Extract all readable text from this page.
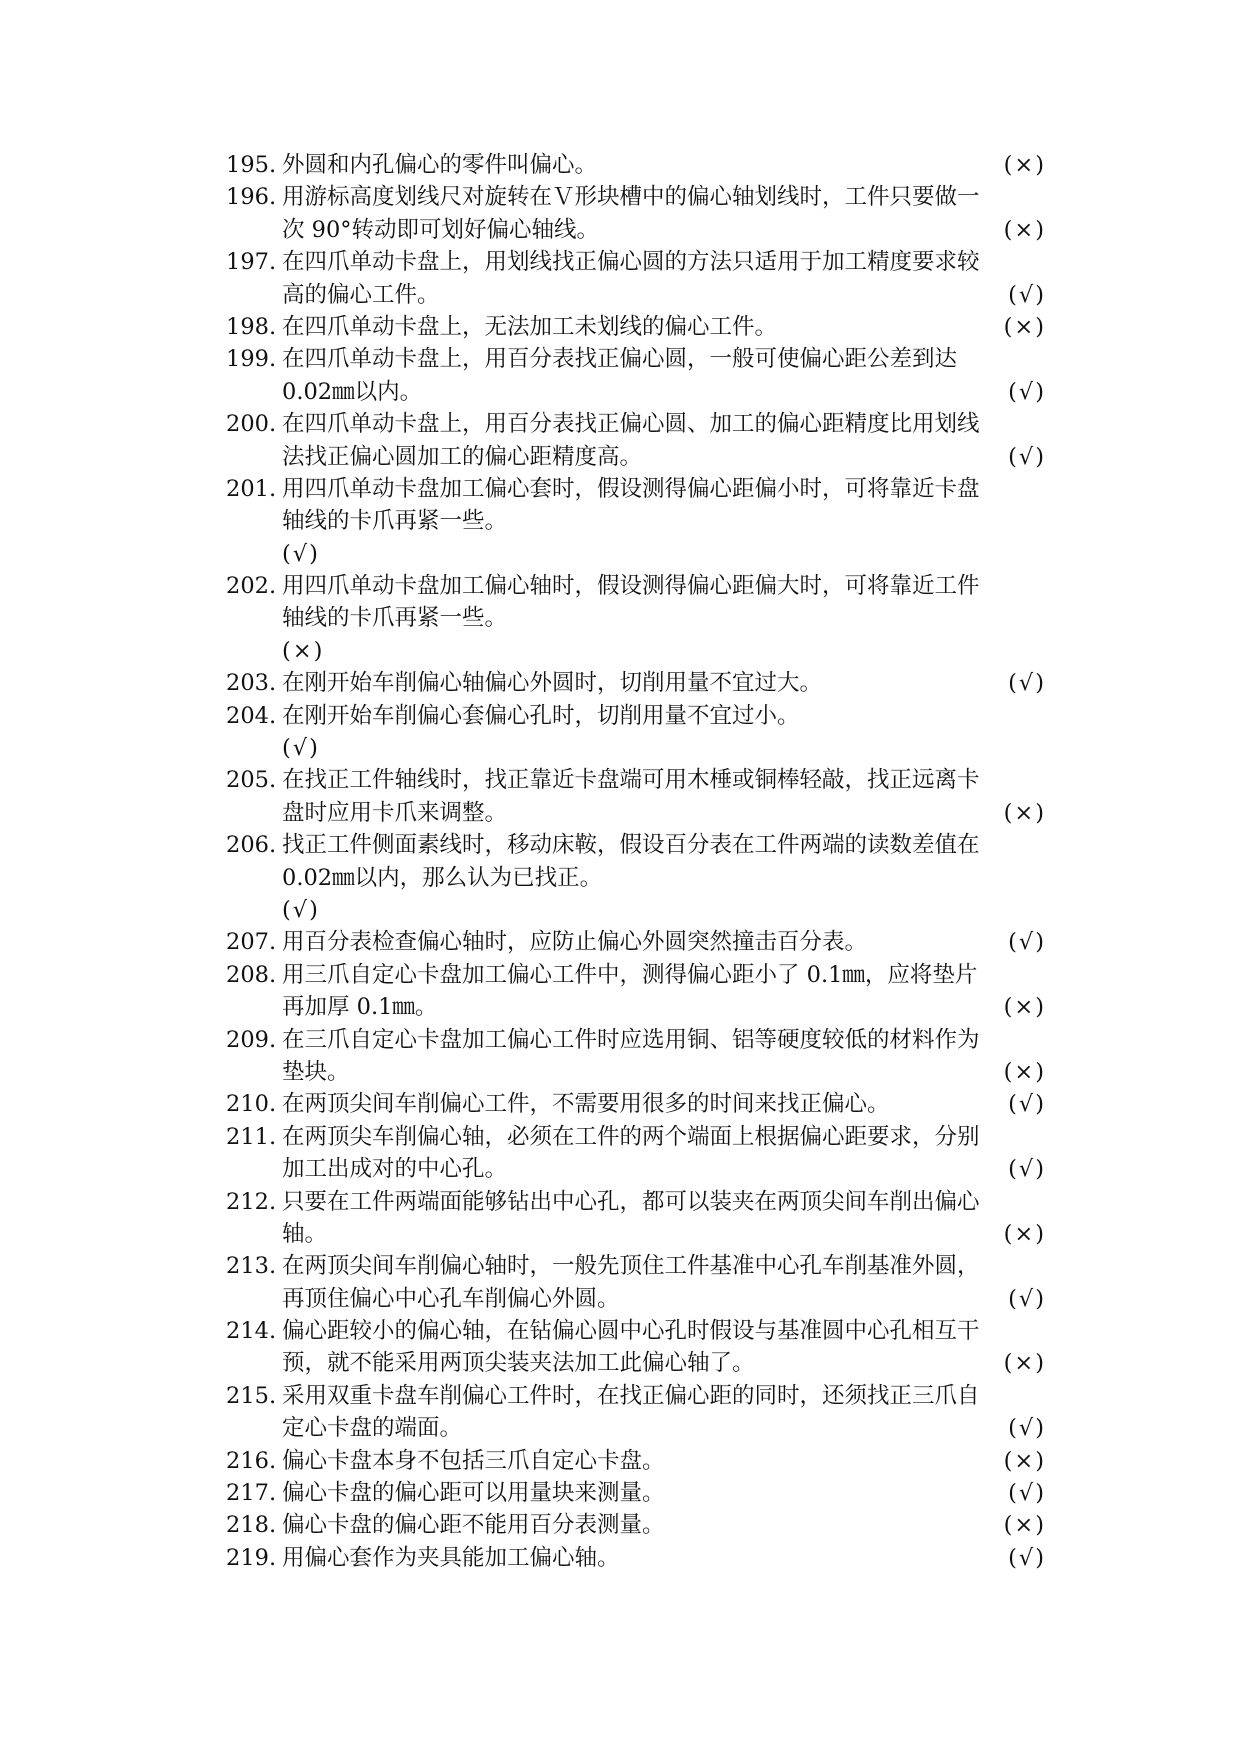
195. 外圆和内孔偏心的零件叫偏心。	(×)
196. 用游标高度划线尺对旋转在Ｖ形块槽中的偏心轴划线时，工件只要做一
次 90°转动即可划好偏心轴线。	(×)
197. 在四爪单动卡盘上，用划线找正偏心圆的方法只适用于加工精度要求较
高的偏心工件。	(√)
198. 在四爪单动卡盘上，无法加工未划线的偏心工件。	(×)
199. 在四爪单动卡盘上，用百分表找正偏心圆，一般可使偏心距公差到达
0.02㎜以内。	(√)
200. 在四爪单动卡盘上，用百分表找正偏心圆、加工的偏心距精度比用划线
法找正偏心圆加工的偏心距精度高。	(√)
201. 用四爪单动卡盘加工偏心套时，假设测得偏心距偏小时，可将靠近卡盘
轴线的卡爪再紧一些。
(√)
202. 用四爪单动卡盘加工偏心轴时，假设测得偏心距偏大时，可将靠近工件
轴线的卡爪再紧一些。
(×)
203. 在刚开始车削偏心轴偏心外圆时，切削用量不宜过大。	(√)
204. 在刚开始车削偏心套偏心孔时，切削用量不宜过小。
(√)
205. 在找正工件轴线时，找正靠近卡盘端可用木棰或铜棒轻敲，找正远离卡
盘时应用卡爪来调整。	(×)
206. 找正工件侧面素线时，移动床鞍，假设百分表在工件两端的读数差值在
0.02㎜以内，那么认为已找正。
(√)
207. 用百分表检查偏心轴时，应防止偏心外圆突然撞击百分表。	(√)
208. 用三爪自定心卡盘加工偏心工件中，测得偏心距小了 0.1㎜，应将垫片
再加厚 0.1㎜。	(×)
209. 在三爪自定心卡盘加工偏心工件时应选用铜、铝等硬度较低的材料作为
垫块。	(×)
210. 在两顶尖间车削偏心工件，不需要用很多的时间来找正偏心。	(√)
211. 在两顶尖车削偏心轴，必须在工件的两个端面上根据偏心距要求，分别
加工出成对的中心孔。	(√)
212. 只要在工件两端面能够钻出中心孔，都可以装夹在两顶尖间车削出偏心
轴。	(×)
213. 在两顶尖间车削偏心轴时，一般先顶住工件基准中心孔车削基准外圆，
再顶住偏心中心孔车削偏心外圆。	(√)
214. 偏心距较小的偏心轴，在钻偏心圆中心孔时假设与基准圆中心孔相互干
预，就不能采用两顶尖装夹法加工此偏心轴了。	(×)
215. 采用双重卡盘车削偏心工件时，在找正偏心距的同时，还须找正三爪自
定心卡盘的端面。	(√)
216. 偏心卡盘本身不包括三爪自定心卡盘。	(×)
217. 偏心卡盘的偏心距可以用量块来测量。	(√)
218. 偏心卡盘的偏心距不能用百分表测量。	(×)
219. 用偏心套作为夹具能加工偏心轴。	(√)
